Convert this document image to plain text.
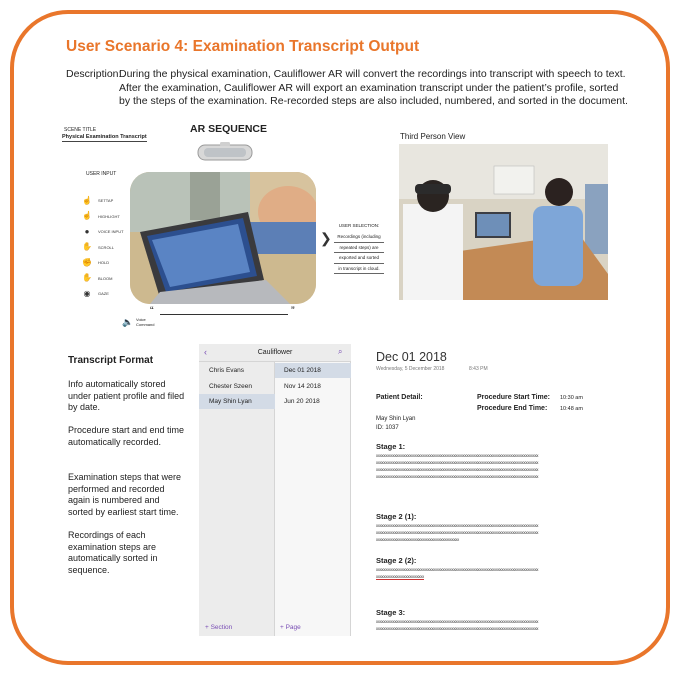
User Scenario 4: Examination Transcript Output
Description:
During the physical examination, Cauliflower AR will convert the recordings into transcript with speech to text. After the examination, Cauliflower AR will export an examination transcript under the patient’s profile, sorted by the steps of the examination. Re-recorded steps are also included, numbered, and sorted in the document.
SCENE TITLE
Physical Examination Transcript
AR SEQUENCE
USER INPUT
☝ SETTAP
☝ HIGHLIGHT
●	VOICE INPUT
✋ SCROLL
✊ HOLD
✋ BLOOM
◉	GAZE
❯
USER SELECTION:
Recordings (including
repeated steps) are
exported and sorted
in transcript in cloud.
“	”
🔈 Voice
Command
Third Person View
Transcript Format
Info automatically stored under patient profile and filed by date.
Procedure start and end time automatically recorded.
Examination steps that were performed and recorded again is numbered and sorted by earliest start time.
Recordings of each examination steps are automatically sorted in sequence.
‹	Cauliflower	⌕
Chris Evans
Chester Szeen
May Shin Lyan
Dec 01 2018
Nov 14 2018
Jun 20 2018
+ Section	+ Page
Dec 01 2018
Wednesday, 5 December 2018	8:43 PM
Patient Detail:	Procedure Start Time: 10:30 am
Procedure End Time: 10:48 am
May Shin Lyan
ID: 1037
Stage 1:
xxxxxxxxxxxxxxxxxxxxxxxxxxxxxxxxxxxxxxxxxxxxxxxxxxxxxxxxxxxxxxxxxxxxxxxxxxxxxxxxxxxxxxxx
xxxxxxxxxxxxxxxxxxxxxxxxxxxxxxxxxxxxxxxxxxxxxxxxxxxxxxxxxxxxxxxxxxxxxxxxxxxxxxxxxxxxxxxx
xxxxxxxxxxxxxxxxxxxxxxxxxxxxxxxxxxxxxxxxxxxxxxxxxxxxxxxxxxxxxxxxxxxxxxxxxxxxxxxxxxxxxxxx
xxxxxxxxxxxxxxxxxxxxxxxxxxxxxxxxxxxxxxxxxxxxxxxxxxxxxxxxxxxxxxxxxxxxxxxxxxxxxxxxxxxxxxxx
Stage 2 (1):
xxxxxxxxxxxxxxxxxxxxxxxxxxxxxxxxxxxxxxxxxxxxxxxxxxxxxxxxxxxxxxxxxxxxxxxxxxxxxxxxxxxxxxxx
xxxxxxxxxxxxxxxxxxxxxxxxxxxxxxxxxxxxxxxxxxxxxxxxxxxxxxxxxxxxxxxxxxxxxxxxxxxxxxxxxxxxxxxx
xxxxxxxxxxxxxxxxxxxxxxxxxxxxxxxxxxxxxxxxxxxxx
Stage 2 (2):
xxxxxxxxxxxxxxxxxxxxxxxxxxxxxxxxxxxxxxxxxxxxxxxxxxxxxxxxxxxxxxxxxxxxxxxxxxxxxxxxxxxxxxxx
xxxxxxxxxxxxxxxxxxxxxxxxxx
Stage 3:
xxxxxxxxxxxxxxxxxxxxxxxxxxxxxxxxxxxxxxxxxxxxxxxxxxxxxxxxxxxxxxxxxxxxxxxxxxxxxxxxxxxxxxxx
xxxxxxxxxxxxxxxxxxxxxxxxxxxxxxxxxxxxxxxxxxxxxxxxxxxxxxxxxxxxxxxxxxxxxxxxxxxxxxxxxxxxxxxx
